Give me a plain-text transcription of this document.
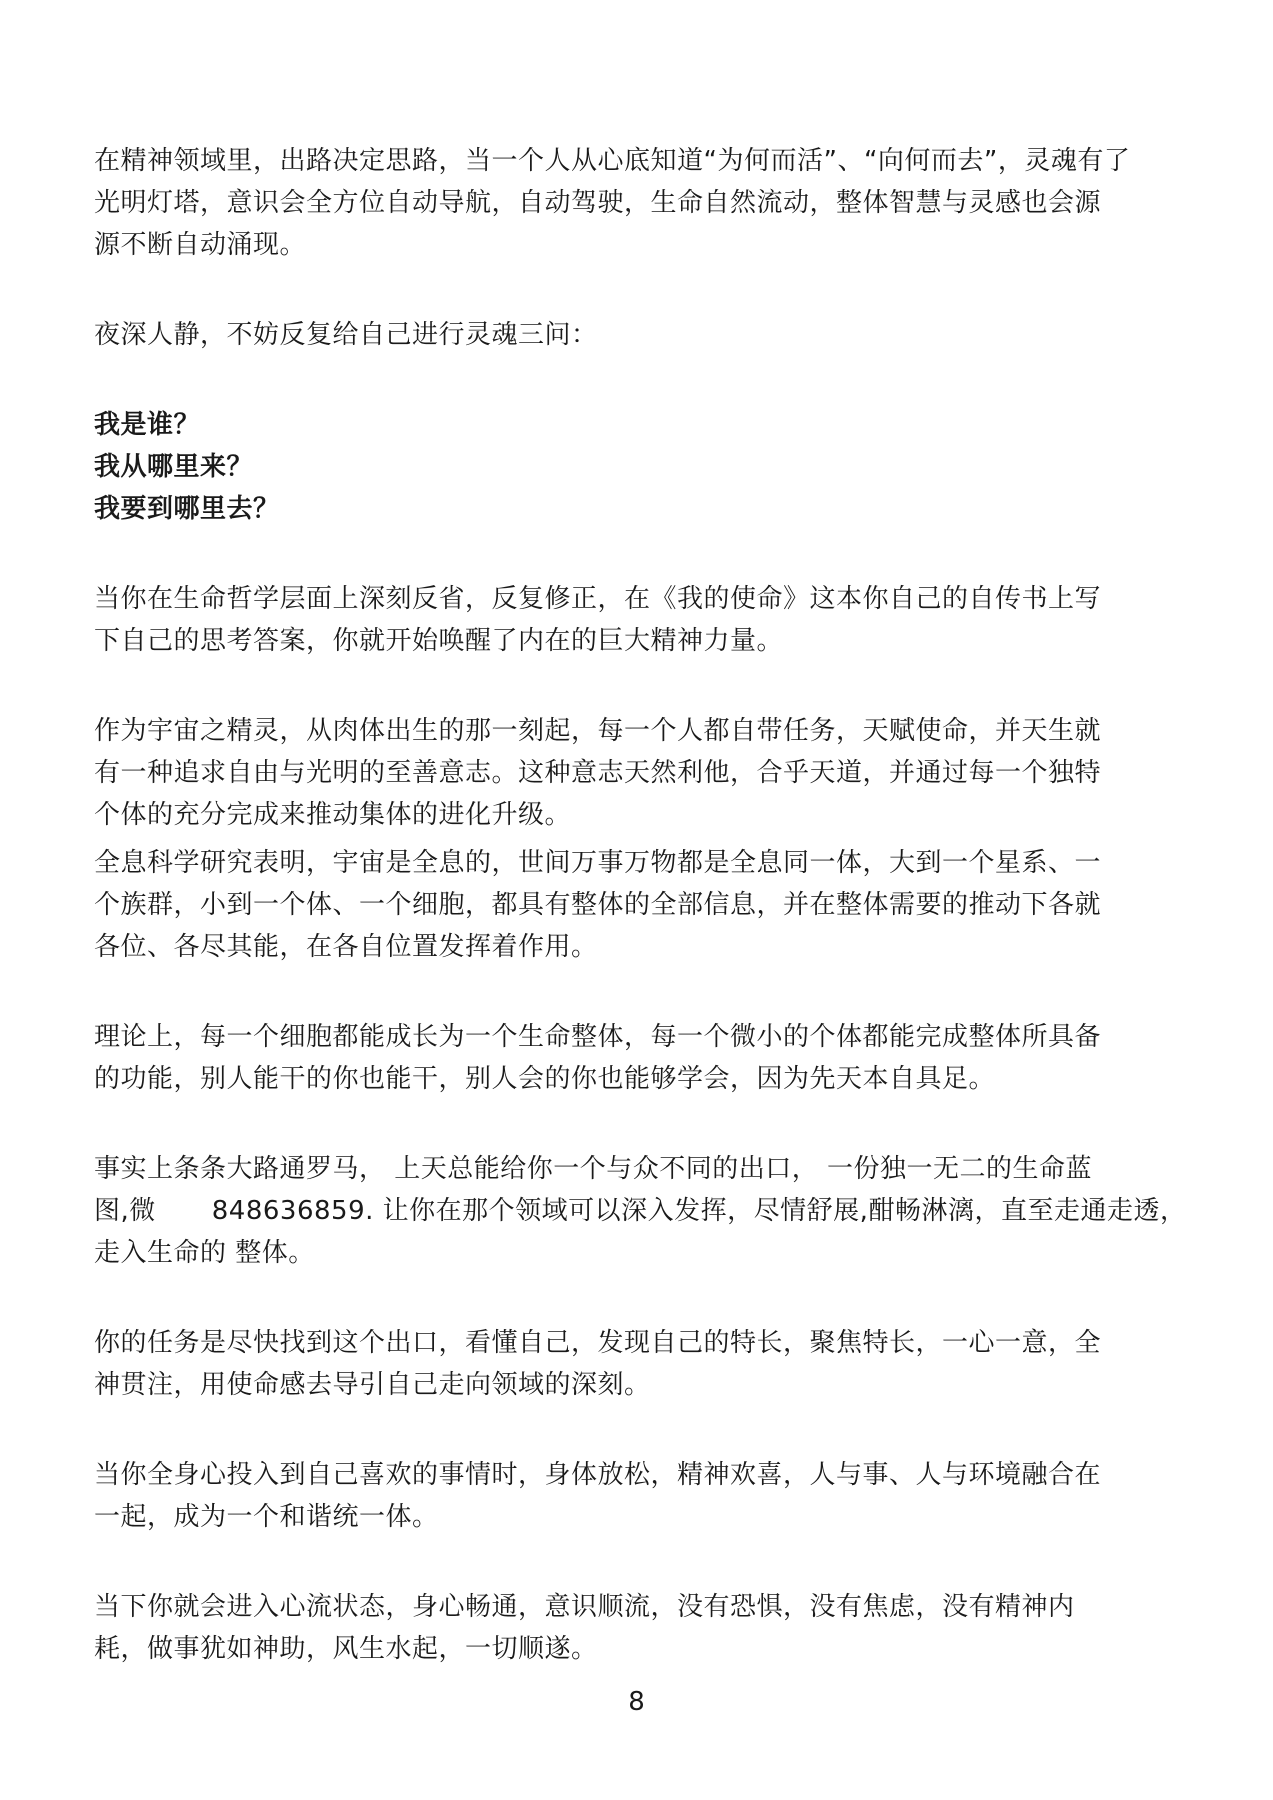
在精神领域里，出路决定思路，当一个人从心底知道“为何而活”、“向何而去”，灵魂有了
光明灯塔，意识会全方位自动导航，自动驾驶，生命自然流动，整体智慧与灵感也会源
源不断自动涌现。
夜深人静，不妨反复给自己进行灵魂三问：
我是谁？
我从哪里来？
我要到哪里去？
当你在生命哲学层面上深刻反省，反复修正，在《我的使命》这本你自己的自传书上写
下自己的思考答案，你就开始唤醒了内在的巨大精神力量。
作为宇宙之精灵，从肉体出生的那一刻起，每一个人都自带任务，天赋使命，并天生就
有一种追求自由与光明的至善意志。这种意志天然利他，合乎天道，并通过每一个独特
个体的充分完成来推动集体的进化升级。
全息科学研究表明，宇宙是全息的，世间万事万物都是全息同一体，大到一个星系、一
个族群，小到一个体、一个细胞，都具有整体的全部信息，并在整体需要的推动下各就
各位、各尽其能，在各自位置发挥着作用。
理论上，每一个细胞都能成长为一个生命整体，每一个微小的个体都能完成整体所具备
的功能，别人能干的你也能干，别人会的你也能够学会，因为先天本自具足。
事实上条条大路通罗马， 上天总能给你一个与众不同的出口， 一份独一无二的生命蓝
图,微 848636859. 让你在那个领域可以深入发挥，尽情舒展,酣畅淋漓，直至走通走透，
走入生命的 整体。
你的任务是尽快找到这个出口，看懂自己，发现自己的特长，聚焦特长，一心一意，全
神贯注，用使命感去导引自己走向领域的深刻。
当你全身心投入到自己喜欢的事情时，身体放松，精神欢喜，人与事、人与环境融合在
一起，成为一个和谐统一体。
当下你就会进入心流状态，身心畅通，意识顺流，没有恐惧，没有焦虑，没有精神内
耗，做事犹如神助，风生水起，一切顺遂。
8
